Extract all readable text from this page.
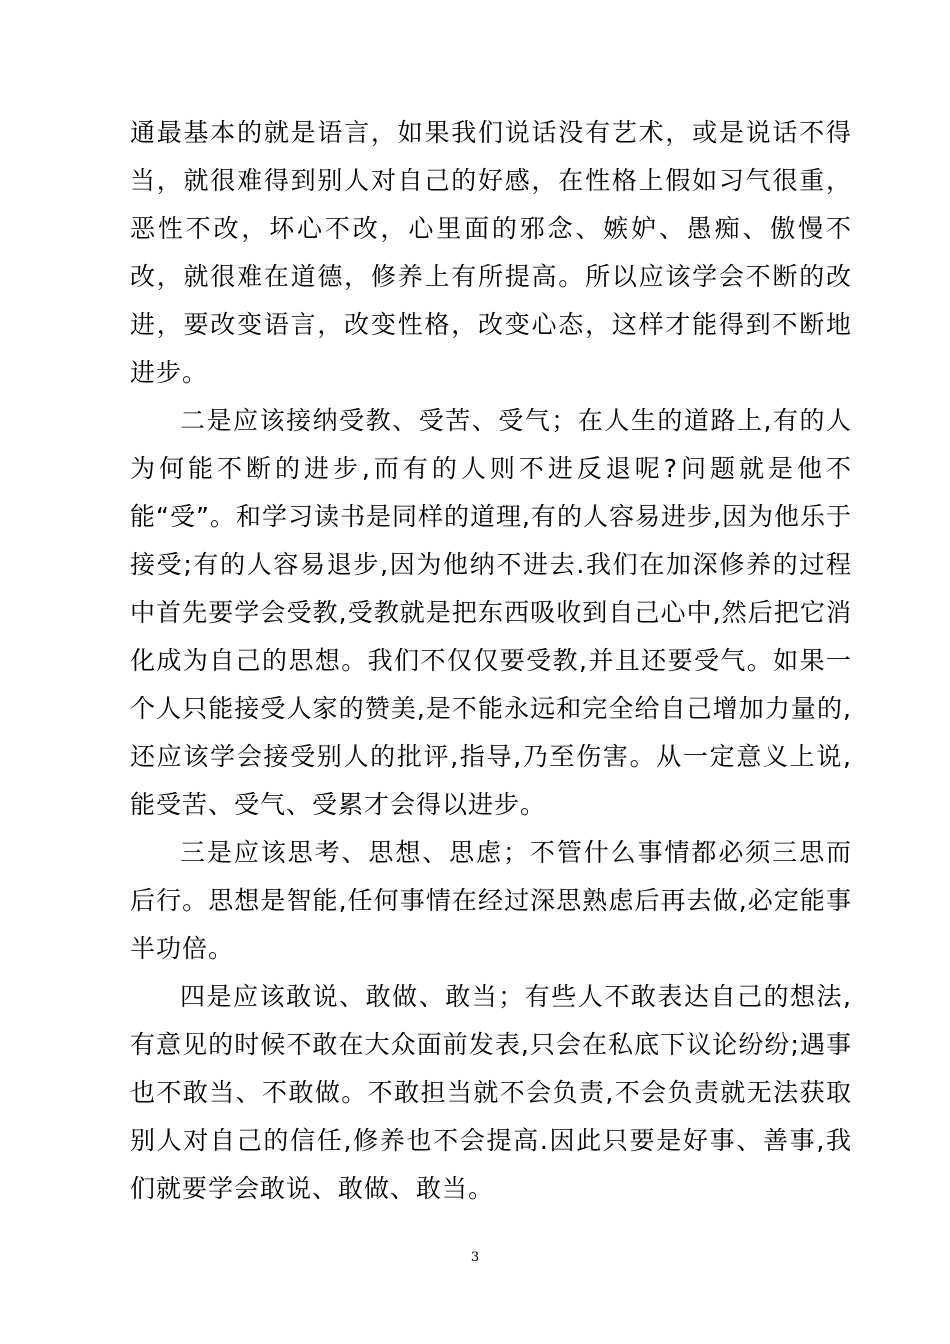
通最基本的就是语言，如果我们说话没有艺术，或是说话不得当，就很难得到别人对自己的好感，在性格上假如习气很重，恶性不改，坏心不改，心里面的邪念、嫉妒、愚痴、傲慢不改，就很难在道德，修养上有所提高。所以应该学会不断的改进，要改变语言，改变性格，改变心态，这样才能得到不断地进步。

二是应该接纳受教、受苦、受气；在人生的道路上,有的人为何能不断的进步,而有的人则不进反退呢?问题就是他不能“受”。和学习读书是同样的道理,有的人容易进步,因为他乐于接受;有的人容易退步,因为他纳不进去.我们在加深修养的过程中首先要学会受教,受教就是把东西吸收到自己心中,然后把它消化成为自己的思想。我们不仅仅要受教,并且还要受气。如果一个人只能接受人家的赞美,是不能永远和完全给自己增加力量的,还应该学会接受别人的批评,指导,乃至伤害。从一定意义上说,能受苦、受气、受累才会得以进步。

三是应该思考、思想、思虑；不管什么事情都必须三思而后行。思想是智能,任何事情在经过深思熟虑后再去做,必定能事半功倍。

四是应该敢说、敢做、敢当；有些人不敢表达自己的想法,有意见的时候不敢在大众面前发表,只会在私底下议论纷纷;遇事也不敢当、不敢做。不敢担当就不会负责,不会负责就无法获取别人对自己的信任,修养也不会提高.因此只要是好事、善事,我们就要学会敢说、敢做、敢当。

3
